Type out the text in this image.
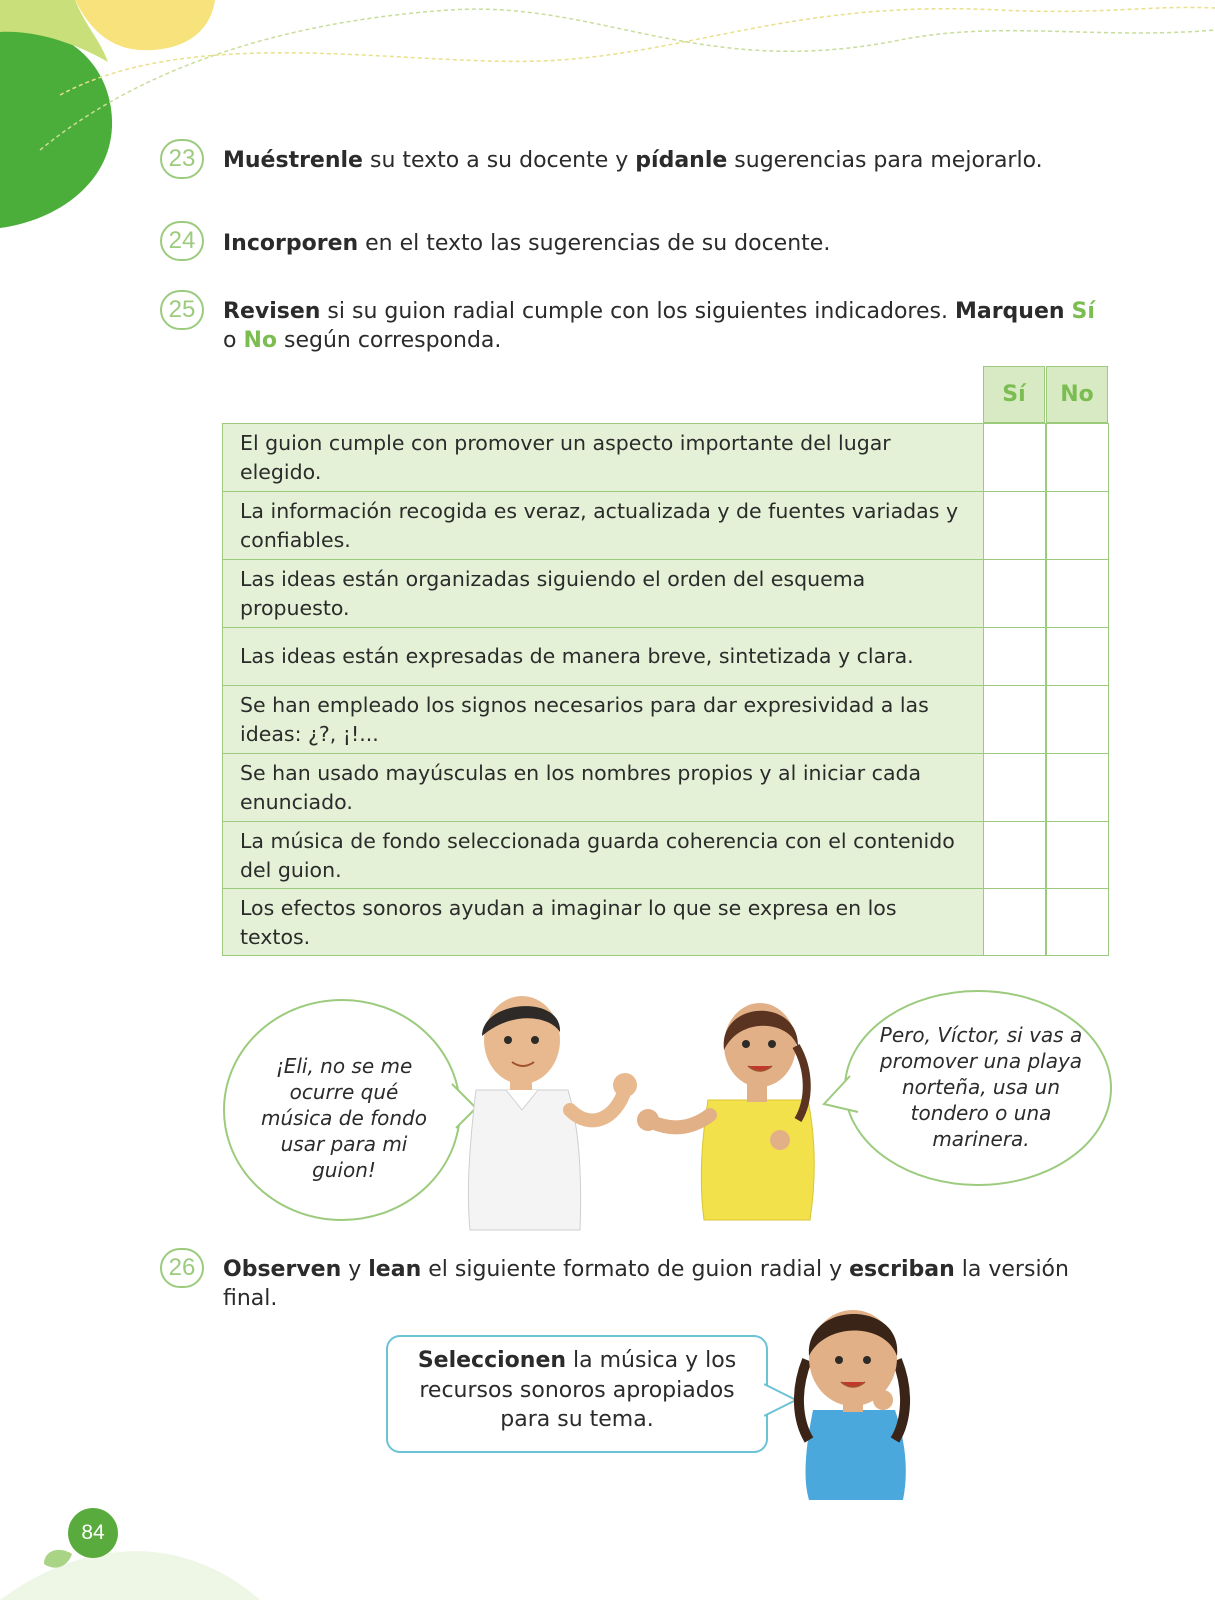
23	Muéstrenle su texto a su docente y pídanle sugerencias para mejorarlo.
24	Incorporen en el texto las sugerencias de su docente.
25	Revisen si su guion radial cumple con los siguientes indicadores. Marquen Sí o No según corresponda.
Sí	No
El guion cumple con promover un aspecto importante del lugar elegido.
La información recogida es veraz, actualizada y de fuentes variadas y confiables.
Las ideas están organizadas siguiendo el orden del esquema propuesto.
Las ideas están expresadas de manera breve, sintetizada y clara.
Se han empleado los signos necesarios para dar expresividad a las ideas: ¿?, ¡!...
Se han usado mayúsculas en los nombres propios y al iniciar cada enunciado.
La música de fondo seleccionada guarda coherencia con el contenido del guion.
Los efectos sonoros ayudan a imaginar lo que se expresa en los textos.
¡Eli, no se me ocurre qué música de fondo usar para mi guion!
Pero, Víctor, si vas a promover una playa norteña, usa un tondero o una marinera.
26	Observen y lean el siguiente formato de guion radial y escriban la versión final.
Seleccionen la música y los recursos sonoros apropiados para su tema.
84
